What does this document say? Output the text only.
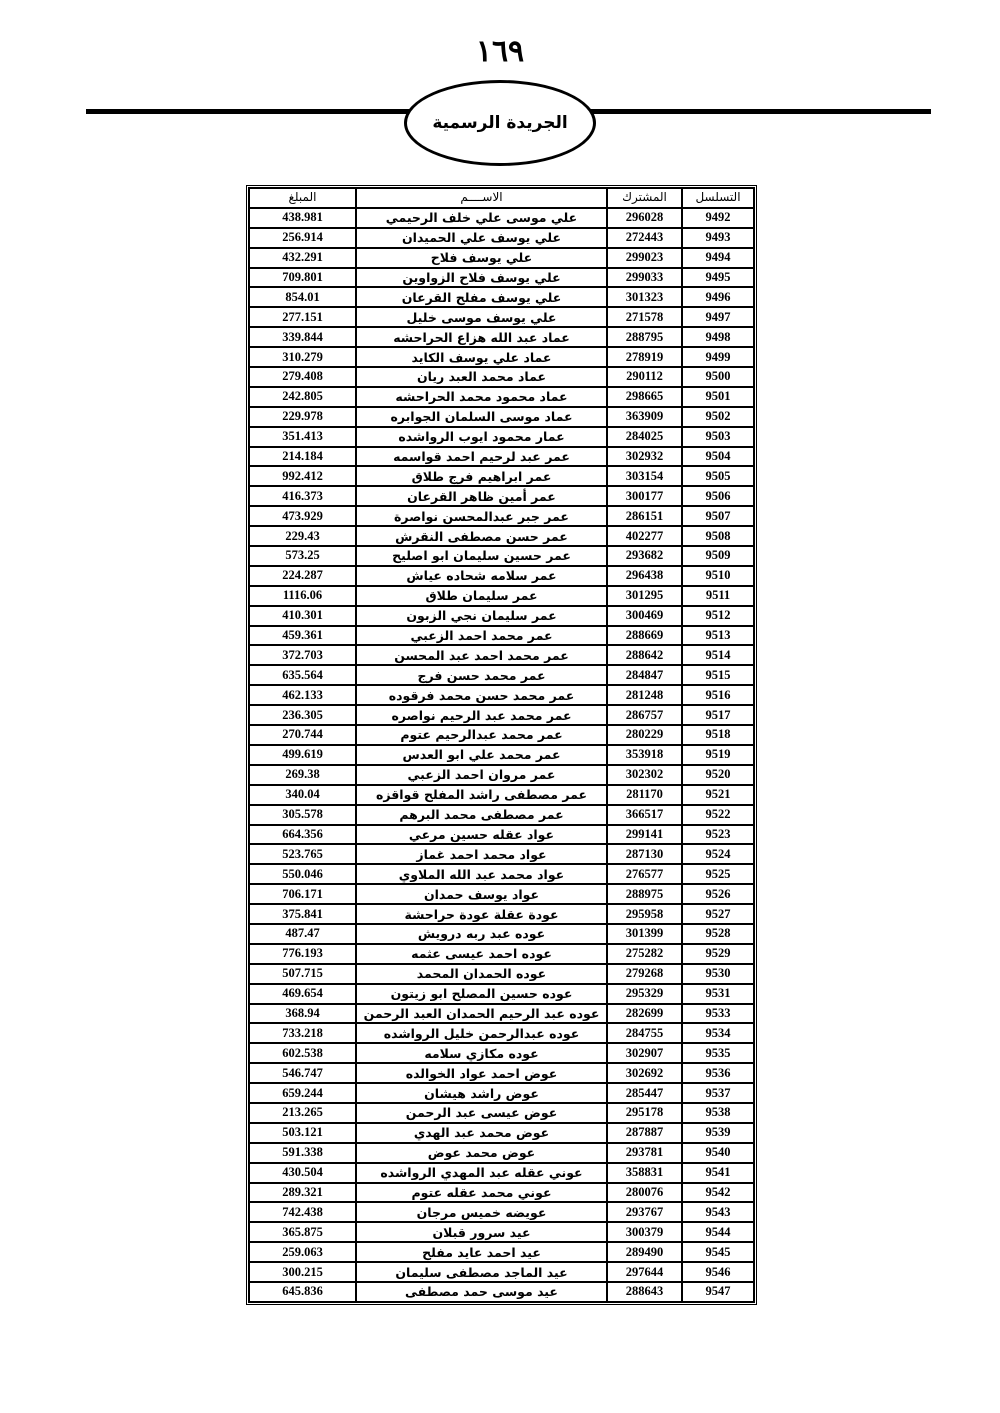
١٦٩
الجريدة الرسمية
المبلغ	الاســــم	المشترك	التسلسل
438.981	علي موسى علي خلف الرحيمي	296028	9492
256.914	علي يوسف علي الحميدان	272443	9493
432.291	علي يوسف فلاح	299023	9494
709.801	علي يوسف فلاح الزواوين	299033	9495
854.01	علي يوسف مفلح القرعان	301323	9496
277.151	علي يوسف موسى خليل	271578	9497
339.844	عماد عبد الله هزاع الحراحشه	288795	9498
310.279	عماد علي يوسف الكايد	278919	9499
279.408	عماد محمد العبد ريان	290112	9500
242.805	عماد محمود محمد الحراحشه	298665	9501
229.978	عماد موسى السلمان الجوابره	363909	9502
351.413	عمار محمود ايوب الرواشده	284025	9503
214.184	عمر عبد لرحيم احمد قواسمه	302932	9504
992.412	عمر ابراهيم فرج طلاق	303154	9505
416.373	عمر أمين ظاهر القرعان	300177	9506
473.929	عمر جبر عبدالمحسن نواصرة	286151	9507
229.43	عمر حسن مصطفى النقرش	402277	9508
573.25	عمر حسين سليمان ابو اصليح	293682	9509
224.287	عمر سلامه شحاده عياش	296438	9510
1116.06	عمر سليمان طلاق	301295	9511
410.301	عمر سليمان نجي الزبون	300469	9512
459.361	عمر محمد احمد الزعبي	288669	9513
372.703	عمر محمد احمد عبد المحسن	288642	9514
635.564	عمر محمد حسن فرج	284847	9515
462.133	عمر محمد حسن محمد فرقوده	281248	9516
236.305	عمر محمد عبد الرحيم نواصره	286757	9517
270.744	عمر محمد عبدالرحيم عتوم	280229	9518
499.619	عمر محمد علي ابو العدس	353918	9519
269.38	عمر مروان احمد الزعبي	302302	9520
340.04	عمر مصطفى راشد المفلح قواقزه	281170	9521
305.578	عمر مصطفى محمد البرهم	366517	9522
664.356	عواد عقله حسين مرعي	299141	9523
523.765	عواد محمد احمد غماز	287130	9524
550.046	عواد محمد عبد الله الملاوي	276577	9525
706.171	عواد يوسف حمدان	288975	9526
375.841	عودة عقلة عودة حراحشة	295958	9527
487.47	عوده عبد ربه درويش	301399	9528
776.193	عوده احمد عيسى عثمه	275282	9529
507.715	عوده الحمدان المحمد	279268	9530
469.654	عوده حسين المصلح ابو زيتون	295329	9531
368.94	عوده عبد الرحيم الحمدان العبد الرحمن	282699	9533
733.218	عوده عبدالرحمن خليل الرواشده	284755	9534
602.538	عوده مكازي سلامه	302907	9535
546.747	عوض احمد عواد الخوالده	302692	9536
659.244	عوض راشد هيشان	285447	9537
213.265	عوض عيسى عبد الرحمن	295178	9538
503.121	عوض محمد عبد الهدي	287887	9539
591.338	عوض محمد عوض	293781	9540
430.504	عوني عقله عبد المهدي الرواشده	358831	9541
289.321	عوني محمد عقله عتوم	280076	9542
742.438	عويضه خميس مرجان	293767	9543
365.875	عيد سرور قبلان	300379	9544
259.063	عيد احمد عايد مفلح	289490	9545
300.215	عيد الماجد مصطفى سليمان	297644	9546
645.836	عيد موسى حمد مصطفى	288643	9547
